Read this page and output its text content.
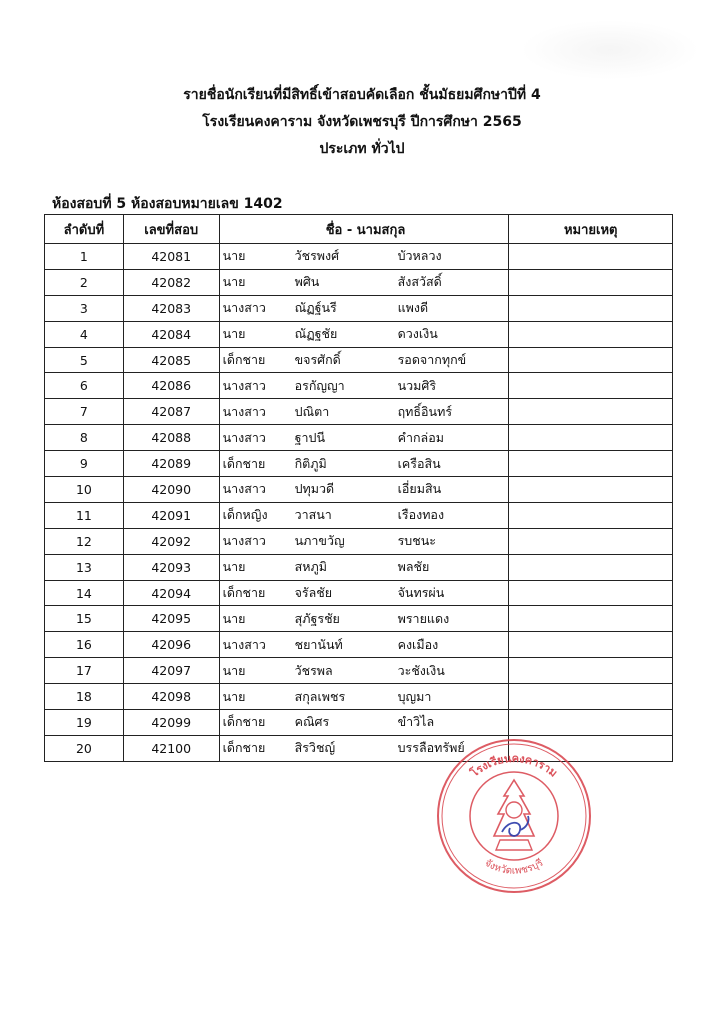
รายชื่อนักเรียนที่มีสิทธิ์เข้าสอบคัดเลือก ชั้นมัธยมศึกษาปีที่ 4
โรงเรียนคงคาราม จังหวัดเพชรบุรี ปีการศึกษา 2565
ประเภท ทั่วไป
ห้องสอบที่ 5 ห้องสอบหมายเลข 1402
ลำดับที่	เลขที่สอบ	ชื่อ - นามสกุล	หมายเหตุ
1	42081	นาย วัชรพงศ์ บัวหลวง	
2	42082	นาย พศิน สังสวัสดิ์	
3	42083	นางสาว ณัฏฐ์นรี แพงดี	
4	42084	นาย ณัฏฐชัย ดวงเงิน	
5	42085	เด็กชาย ขจรศักดิ์ รอดจากทุกข์	
6	42086	นางสาว อรกัญญา นวมศิริ	
7	42087	นางสาว ปณิตา ฤทธิ์อินทร์	
8	42088	นางสาว ฐาปนี คำกล่อม	
9	42089	เด็กชาย กิติภูมิ เครือสิน	
10	42090	นางสาว ปทุมวดี เอี่ยมสิน	
11	42091	เด็กหญิง วาสนา เรืองทอง	
12	42092	นางสาว นภาขวัญ รบชนะ	
13	42093	นาย สหภูมิ พลชัย	
14	42094	เด็กชาย จรัลชัย จันทรผ่น	
15	42095	นาย สุภัฐรชัย พรายแดง	
16	42096	นางสาว ชยานันท์ คงเมือง	
17	42097	นาย วัชรพล วะชังเงิน	
18	42098	นาย สกุลเพชร บุญมา	
19	42099	เด็กชาย คณิศร ขำวิไล	
20	42100	เด็กชาย สิรวิชญ์ บรรลือทรัพย์	
โรงเรียนคงคาราม
จังหวัดเพชรบุรี
